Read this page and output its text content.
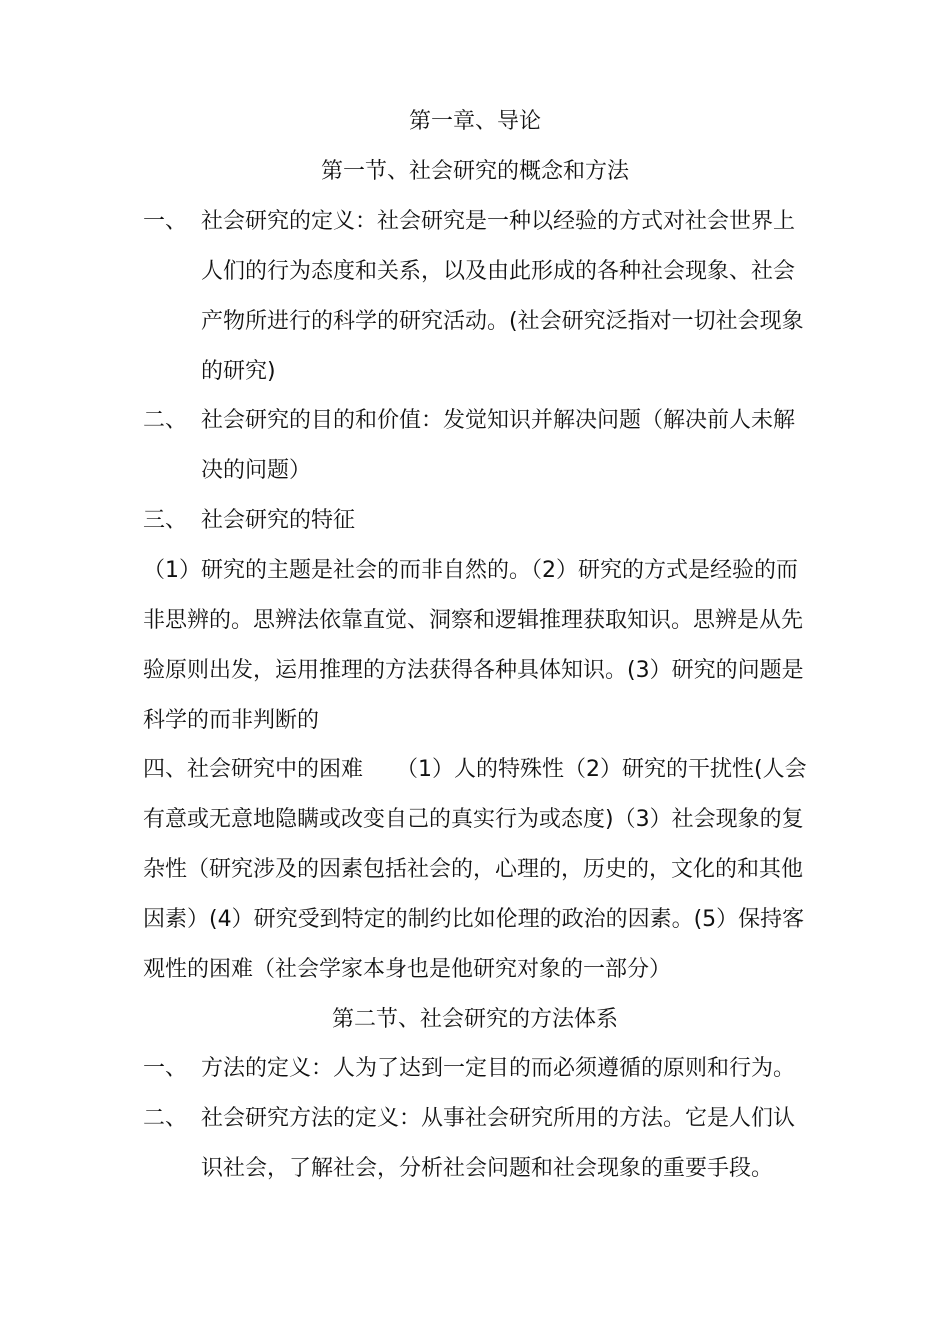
第一章、导论
第一节、社会研究的概念和方法
一、 社会研究的定义：社会研究是一种以经验的方式对社会世界上
人们的行为态度和关系，以及由此形成的各种社会现象、社会
产物所进行的科学的研究活动。(社会研究泛指对一切社会现象
的研究)
二、 社会研究的目的和价值：发觉知识并解决问题（解决前人未解
决的问题）
三、 社会研究的特征
（1）研究的主题是社会的而非自然的。（2）研究的方式是经验的而
非思辨的。思辨法依靠直觉、洞察和逻辑推理获取知识。思辨是从先
验原则出发，运用推理的方法获得各种具体知识。(3）研究的问题是
科学的而非判断的
四、社会研究中的困难　　（1）人的特殊性（2）研究的干扰性(人会
有意或无意地隐瞒或改变自己的真实行为或态度)（3）社会现象的复
杂性（研究涉及的因素包括社会的，心理的，历史的，文化的和其他
因素）(4）研究受到特定的制约比如伦理的政治的因素。(5）保持客
观性的困难（社会学家本身也是他研究对象的一部分）
第二节、社会研究的方法体系
一、 方法的定义：人为了达到一定目的而必须遵循的原则和行为。
二、 社会研究方法的定义：从事社会研究所用的方法。它是人们认
识社会，了解社会，分析社会问题和社会现象的重要手段。
